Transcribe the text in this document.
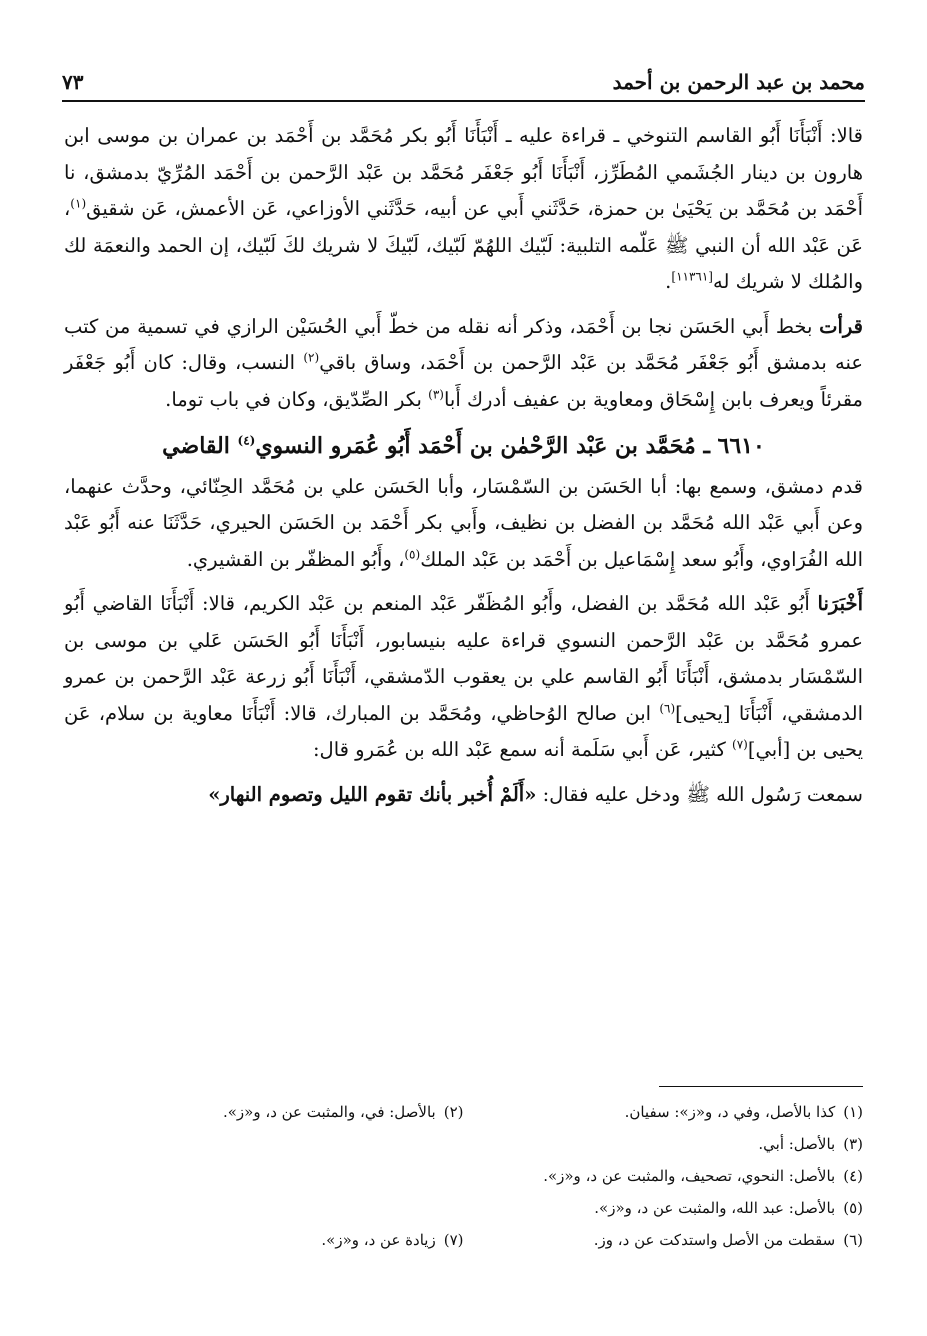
محمد بن عبد الرحمن بن أحمد
٧٣

قالا: أَنْبَأَنَا أَبُو القاسم التنوخي ـ قراءة عليه ـ أَنْبَأَنَا أَبُو بكر مُحَمَّد بن أَحْمَد بن عمران بن موسى ابن هارون بن دينار الجُشَمي المُطَرِّز، أَنْبَأَنَا أَبُو جَعْفَر مُحَمَّد بن عَبْد الرَّحمن بن أَحْمَد المُرِّيّ بدمشق، نا أَحْمَد بن مُحَمَّد بن يَحْيَىٰ بن حمزة، حَدَّثَني أَبي عن أبيه، حَدَّثَني الأوزاعي، عَن الأعمش، عَن شقيق$^{(١)}$، عَن عَبْد الله أن النبي ﷺ عَلّمه التلبية: لَبّيك اللهُمّ لَبّيك، لَبّيكَ لا شريك لكَ لَبّيك، إن الحمد والنعمَة لك والمُلك لا شريك له[١١٣٦١].

قرأت بخط أَبي الحَسَن نجا بن أَحْمَد، وذكر أنه نقله من خطّ أَبي الحُسَيْن الرازي في تسمية من كتب عنه بدمشق أَبُو جَعْفَر مُحَمَّد بن عَبْد الرَّحمن بن أَحْمَد، وساق باقي$^{(٢)}$ النسب، وقال: كان أَبُو جَعْفَر مقرئاً ويعرف بابن إِسْحَاق ومعاوية بن عفيف أدرك أَبا$^{(٣)}$ بكر الصِّدّيق، وكان في باب توما.

٦٦١٠ ـ مُحَمَّد بن عَبْد الرَّحْمٰن بن أَحْمَد أَبُو عُمَرو النسوي$^{(٤)}$ القاضي

قدم دمشق، وسمع بها: أبا الحَسَن بن السّمْسَار، وأبا الحَسَن علي بن مُحَمَّد الحِنّائي، وحدَّث عنهما، وعن أَبي عَبْد الله مُحَمَّد بن الفضل بن نظيف، وأَبي بكر أَحْمَد بن الحَسَن الحيري، حَدَّثَنَا عنه أَبُو عَبْد الله الفُرَاوي، وأَبُو سعد إِسْمَاعيل بن أَحْمَد بن عَبْد الملك$^{(٥)}$، وأَبُو المظفّر بن القشيري.

أَخْبَرَنا أَبُو عَبْد الله مُحَمَّد بن الفضل، وأَبُو المُظَفّر عَبْد المنعم بن عَبْد الكريم، قالا: أَنْبَأَنَا القاضي أَبُو عمرو مُحَمَّد بن عَبْد الرَّحمن النسوي قراءة عليه بنيسابور، أَنْبَأَنَا أَبُو الحَسَن عَلي بن موسى بن السّمْسَار بدمشق، أَنْبَأَنَا أَبُو القاسم علي بن يعقوب الدّمشقي، أَنْبَأَنَا أَبُو زرعة عَبْد الرَّحمن بن عمرو الدمشقي، أَنْبَأَنَا [يحيى]$^{(٦)}$ ابن صالح الوُحاظي، ومُحَمَّد بن المبارك، قالا: أَنْبَأَنَا معاوية بن سلام، عَن يحيى بن [أبي]$^{(٧)}$ كثير، عَن أَبي سَلَمة أنه سمع عَبْد الله بن عُمَرو قال:

سمعت رَسُول الله ﷺ ودخل عليه فقال: «أَلَمْ أُخبر بأنك تقوم الليل وتصوم النهار»

(١)
كذا بالأصل، وفي د، و«ز»: سفيان.
(٢)
بالأصل: في، والمثبت عن د، و«ز».
(٣)
بالأصل: أبي.
(٤)
بالأصل: النحوي، تصحيف، والمثبت عن د، و«ز».
(٥)
بالأصل: عبد الله، والمثبت عن د، و«ز».
(٦)
سقطت من الأصل واستدكت عن د، وز.
(٧)
زيادة عن د، و«ز».
